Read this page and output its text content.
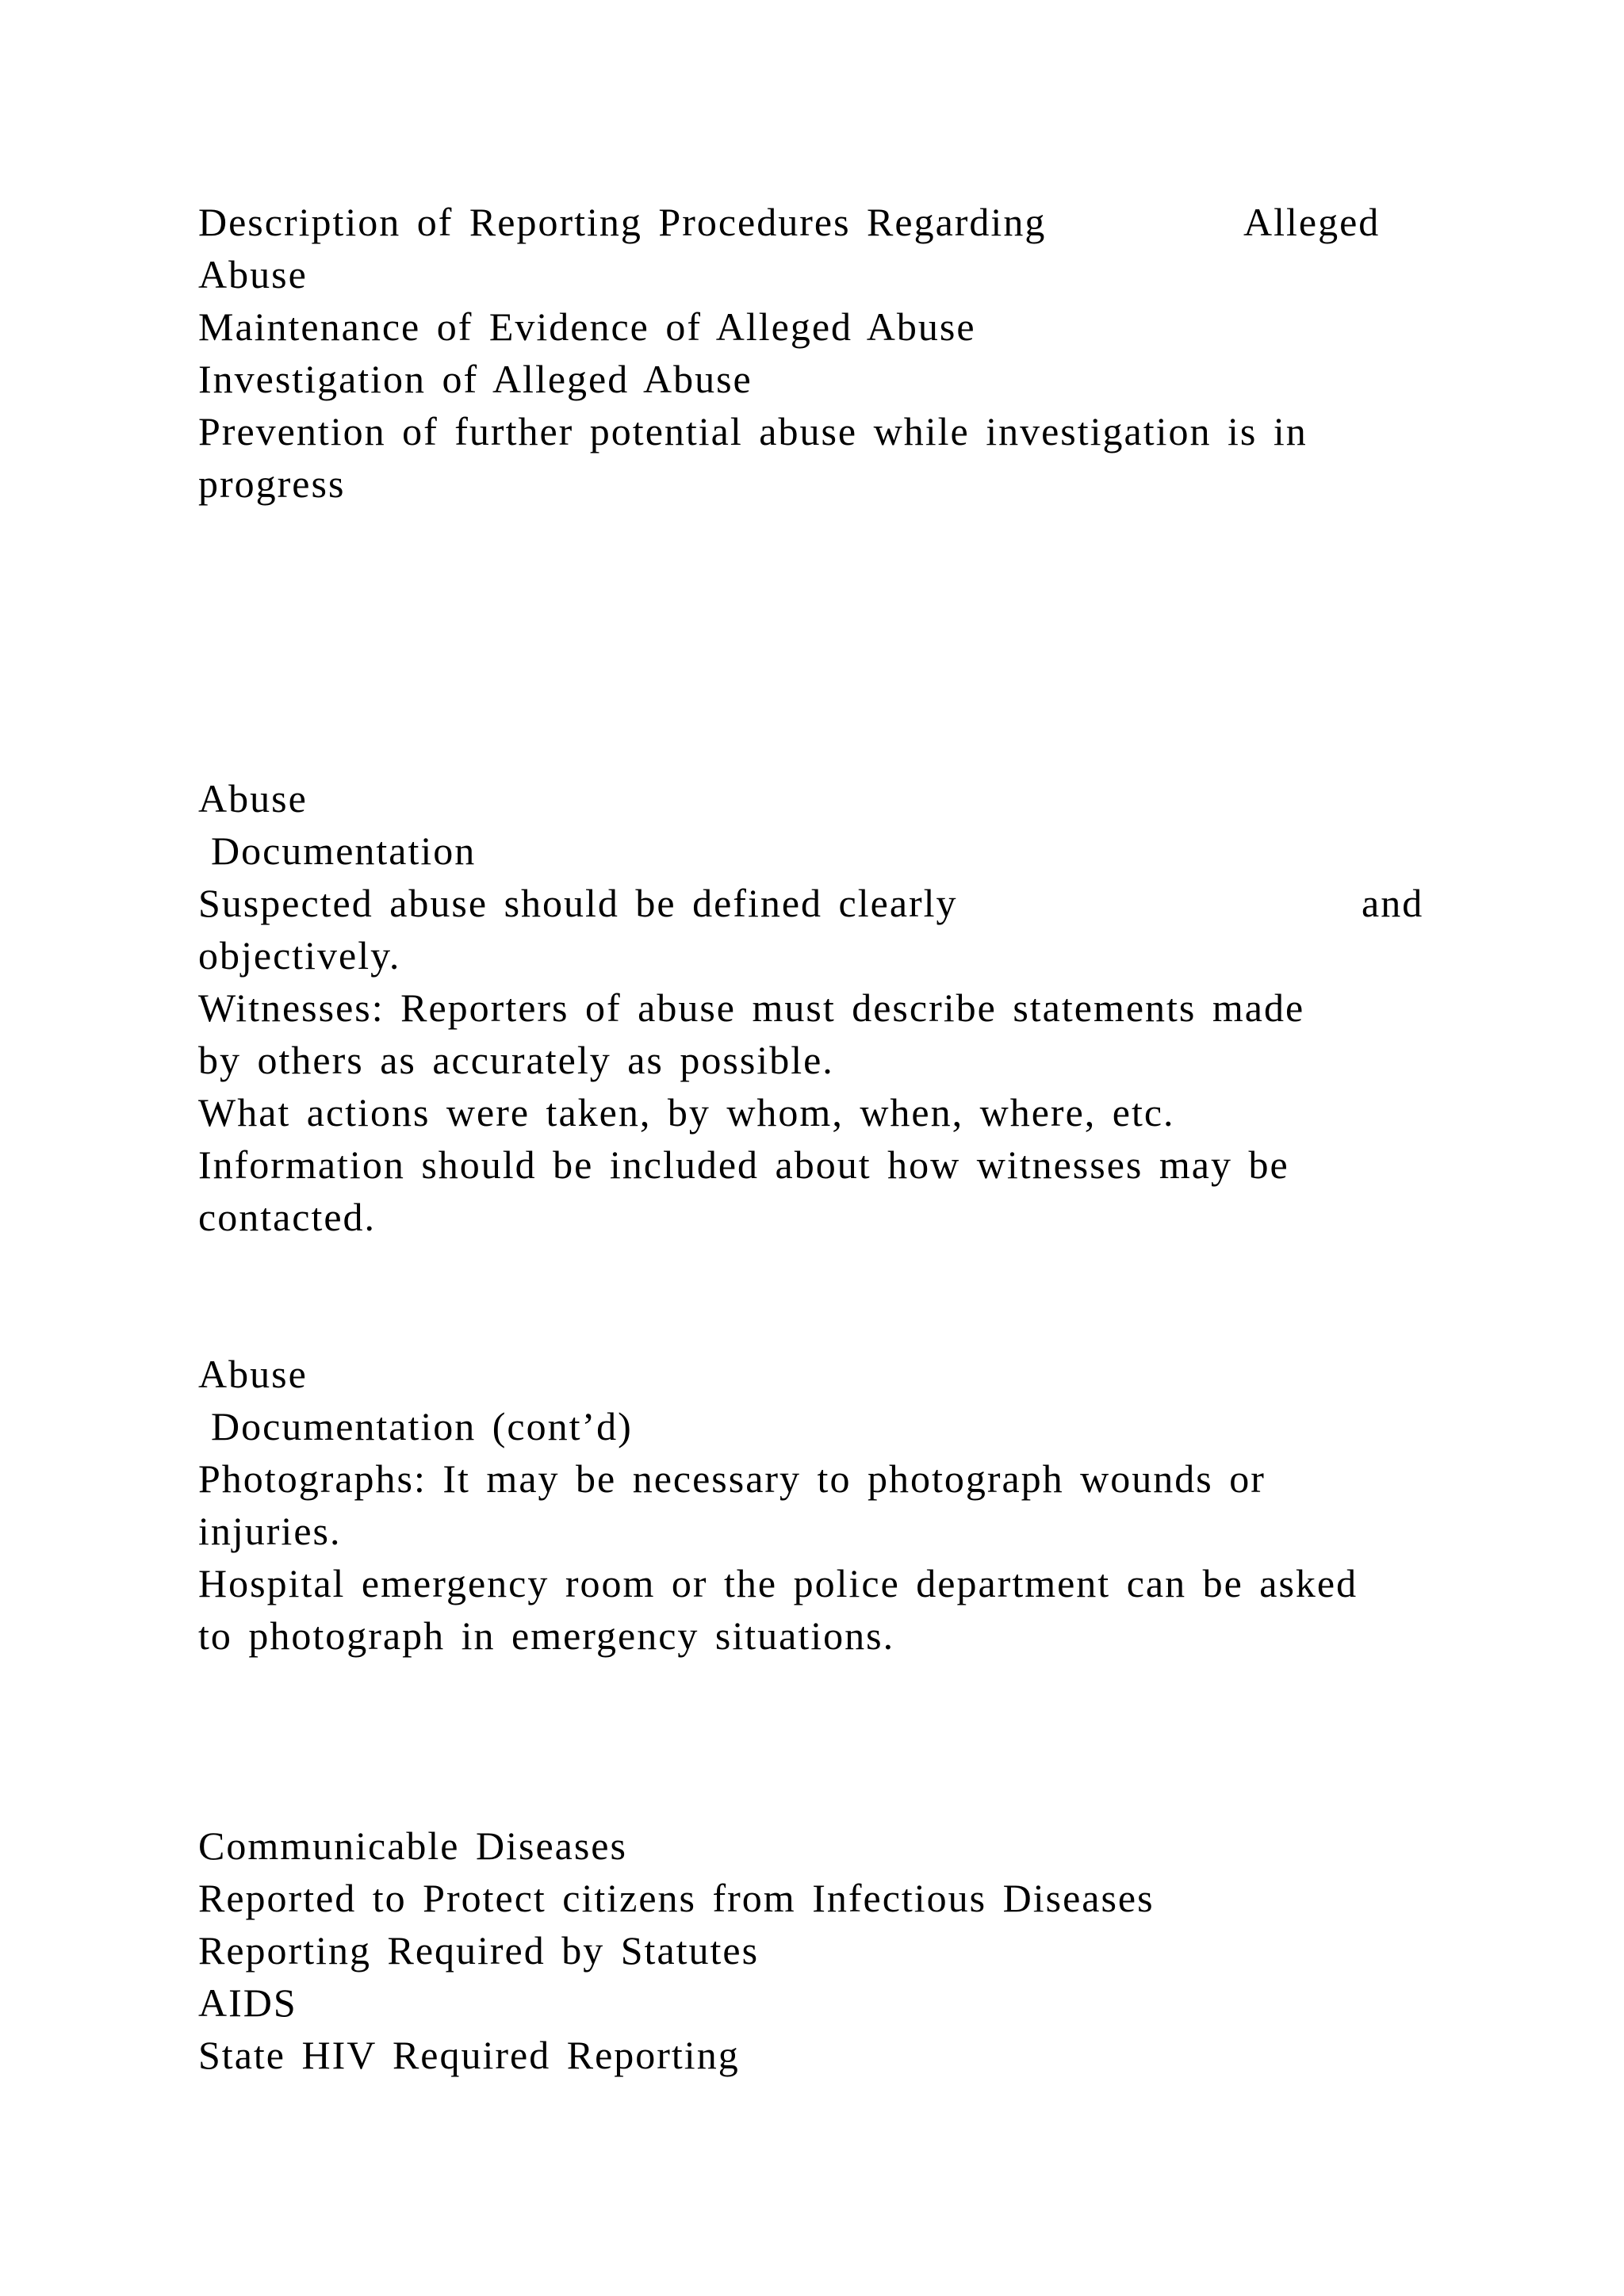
Description of Reporting Procedures Regarding	Alleged
Abuse
Maintenance of Evidence of Alleged Abuse
Investigation of Alleged Abuse
Prevention of further potential abuse while investigation is in
progress
Abuse
Documentation
Suspected abuse should be defined clearly	and
objectively.
Witnesses: Reporters of abuse must describe statements made
by others as accurately as possible.
What actions were taken, by whom, when, where, etc.
Information should be included about how witnesses may be
contacted.
Abuse
Documentation (cont’d)
Photographs: It may be necessary to photograph wounds or
injuries.
Hospital emergency room or the police department can be asked
to photograph in emergency situations.
Communicable Diseases
Reported to Protect citizens from Infectious Diseases
Reporting Required by Statutes
AIDS
State HIV Required Reporting
